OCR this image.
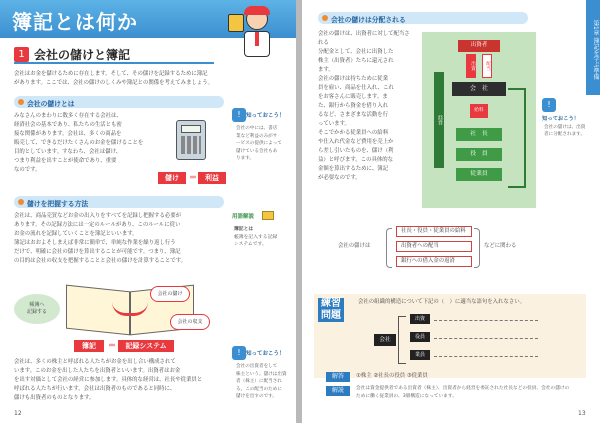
簿記とは何か
1 会社の儲けと簿記
会社はお金を儲けるために存在します。そして、その儲けを記録するために簿記
があります。ここでは、会社の儲けのしくみや簿記との関係を考えてみましょう。
会社の儲けとは
みなさんのまわりに数多く存在する会社は、
経済社会の基本であり、私たちの生活とも密
接な関係があります。会社は、多くの商品を
販売して、できるだけたくさんのお金を儲けることを
目的としています。すなわち、会社は儲け、
つまり利益を出すことが使命であり、重要
なのです。
儲け	＝	利益
! 知っておこう！
会社の中には、書店
業など利益のみがサ
ービスの提供によって
儲けている会社もあ
ります。
儲けを把握する方法
会社は、商品売買などお金の出入りをすべてを記録し把握する必要が
あります。その記録方法には一定のルールがあり、このルールに従い
お金の流れを記録していくことを簿記といいます。
簿記はおおよそしまえば非常に簡単で、単純な作業を繰り返し行う
だけで、明確に会社の儲けを算出することが可能です。つまり、簿記
の目的は会社の収支を把握することと会社の儲けを計算することです。
用語解説
簿記とは
帳簿を記入する記録
システムです。
帳簿へ
記録する
会社の儲け
会社の収支
簿記	＝	記録システム
会社は、多くの株主と呼ばれる人たちがお金を出し合い構成されて
います。このお金を出した人たちを出資者といいます。出資者はお金
を出す対価として会社の経営に参加します。具体的な経営は、社長や従業員と
呼ばれる人たちが行います。会社は出資者のものであると同時に、
儲けも出資者のものとなります。
! 知っておこう！
会社の出資者をして
株主という。儲けは出資
者（株主）に配当され
る。この配当のために
儲けを出すのです。
12
第1章 簿記を学ぶ準備
会社の儲けは分配される
会社の儲けは、出資者に対して配当される
分配金として、会社に出資した
株主（出資者）たちに還元され
ます。
会社の儲けは持ちために従業
員を雇い、商品を仕入れ、これ
をお客さんに販売します。ま
た、銀行から資金を借り入れ
るなど、さまざまな活動を行
っています。
そこでかかる従業員への給料
や仕入れ代金など費用を売上か
ら差し引いたものを、儲け（利
益）と呼びます。この具体的な
金額を算出するために、簿記
が必要なのです。
出資者
出資	配当
会　社
給料
経営
社　長
役　員
従業員
!
知っておこう！
会社の儲けは、出資
者に分配されます。
会社の儲けは
社長・役員・従業員の給料
出資者への配当
銀行への借入金の返済
などに関わる
練習
問題
会社の組織的構造について下記の（　）に適当な語句を入れなさい。
会社
出資
役員
業員
解答	①株主 ②社長の役員 ③従業員
解説	会社は資金提供者である出資者（株主）、出資者から経営を委託された社長などの役員、会社の儲けの
ために働く従業員の、3層構造になっています。
13
